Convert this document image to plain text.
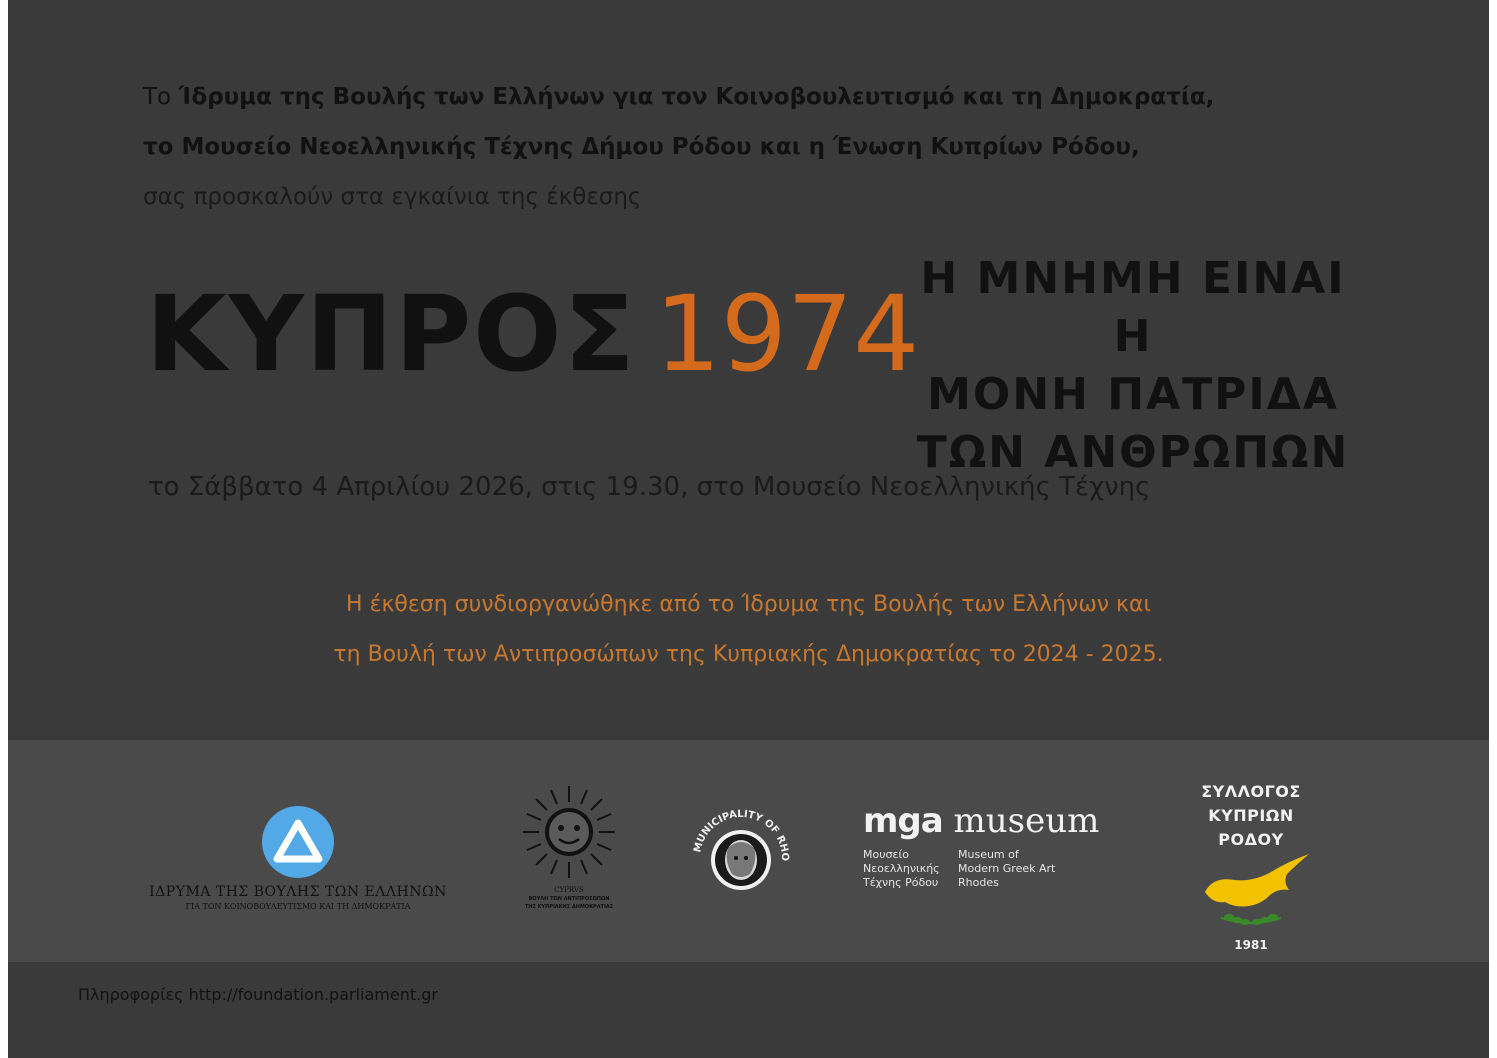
Το Ίδρυμα της Βουλής των Ελλήνων για τον Κοινοβουλευτισμό και τη Δημοκρατία,
το Μουσείο Νεοελληνικής Τέχνης Δήμου Ρόδου και η Ένωση Κυπρίων Ρόδου,
σας προσκαλούν στα εγκαίνια της έκθεσης
ΚΥΠΡΟΣ 1974 Η ΜΝΗΜΗ ΕΙΝΑΙ Η
ΜΟΝΗ ΠΑΤΡΙΔΑ
ΤΩΝ ΑΝΘΡΩΠΩΝ
το Σάββατο 4 Απριλίου 2026, στις 19.30, στο Μουσείο Νεοελληνικής Τέχνης
Η έκθεση συνδιοργανώθηκε από το Ίδρυμα της Βουλής των Ελλήνων και
τη Βουλή των Αντιπροσώπων της Κυπριακής Δημοκρατίας το 2024 - 2025.
ΙΔΡΥΜΑ ΤΗΣ ΒΟΥΛΗΣ ΤΩΝ ΕΛΛΗΝΩΝ
ΓΙΑ ΤΟΝ ΚΟΙΝΟΒΟΥΛΕΥΤΙΣΜΟ ΚΑΙ ΤΗ ΔΗΜΟΚΡΑΤΙΑ
CYPRVS
ΒΟΥΛΗ ΤΩΝ ΑΝΤΙΠΡΟΣΩΠΩΝ
ΤΗΣ ΚΥΠΡΙΑΚΗΣ ΔΗΜΟΚΡΑΤΙΑΣ
MUNICIPALITY OF RHO
mga museum
Μουσείο
Νεοελληνικής
Τέχνης Ρόδου
Museum of
Modern Greek Art
Rhodes
ΣΥΛΛΟΓΟΣ ΚΥΠΡΙΩΝ
ΡΟΔΟΥ
1981
Πληροφορίες http://foundation.parliament.gr
